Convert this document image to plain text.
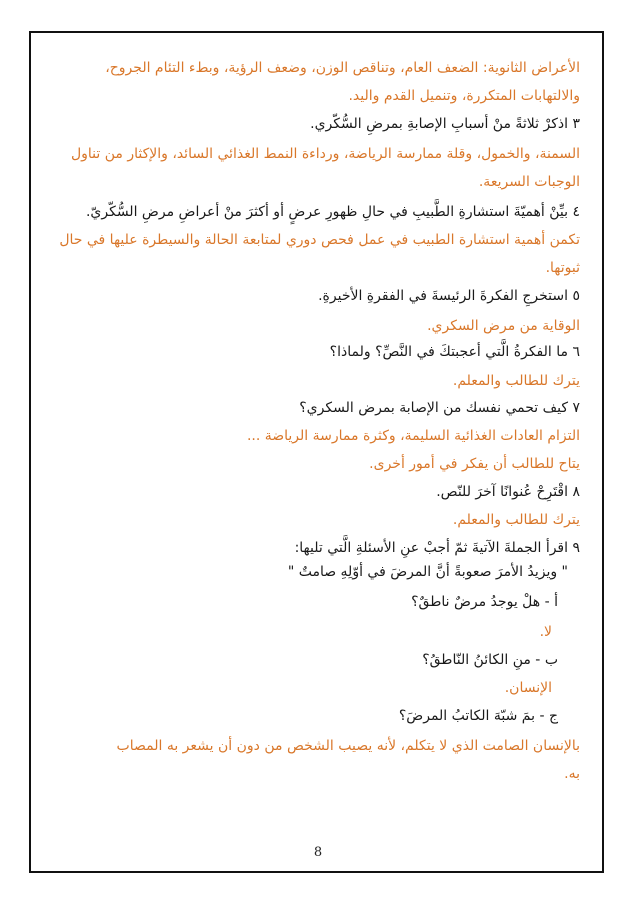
الأعراض الثانوية: الضعف العام، وتناقص الوزن، وضعف الرؤية، وبطء التئام الجروح،
والالتهابات المتكررة، وتنميل القدم واليد.
٣ اذكرْ ثلاثةً منْ أسبابِ الإصابةِ بمرضِ السُّكّري.
السمنة، والخمول، وقلة ممارسة الرياضة، ورداءة النمط الغذائي السائد، والإكثار من تناول
الوجبات السريعة.
٤ بيِّنْ أهميّةَ استشارةِ الطَّبيبِ في حالِ ظهورِ عرضٍ أو أكثرَ منْ أعراضِ مرضِ السُّكّريّ.
تكمن أهمية استشارة الطبيب في عمل فحص دوري لمتابعة الحالة والسيطرة عليها في حال
ثبوتها.
٥ استخرجِ الفكرةَ الرئيسةَ في الفقرةِ الأخيرةِ.
الوقاية من مرض السكري.
٦ ما الفكرةُ الَّتي أعجبتكَ في النَّصِّ؟ ولماذا؟
يترك للطالب والمعلم.
٧ كيف تحمي نفسك من الإصابة بمرض السكري؟
التزام العادات الغذائية السليمة، وكثرة ممارسة الرياضة ...
يتاح للطالب أن يفكر في أمور أخرى.
٨ اقْتَرِحْ عُنوانًا آخرَ للنّص.
يترك للطالب والمعلم.
٩ اقرأ الجملةَ الآتيةَ ثمّ أجبْ عنِ الأسئلةِ الَّتي تليها:
" ويزيدُ الأمرَ صعوبةً أنَّ المرضَ في أوّلِهِ صامتٌ "
أ - هلْ يوجدُ مرضٌ ناطقٌ؟
لا.
ب - منِ الكائنُ النّاطقُ؟
الإنسان.
ج - بمَ شبّهَ الكاتبُ المرضَ؟
بالإنسان الصامت الذي لا يتكلم، لأنه يصيب الشخص من دون أن يشعر به المصاب
به.
8
